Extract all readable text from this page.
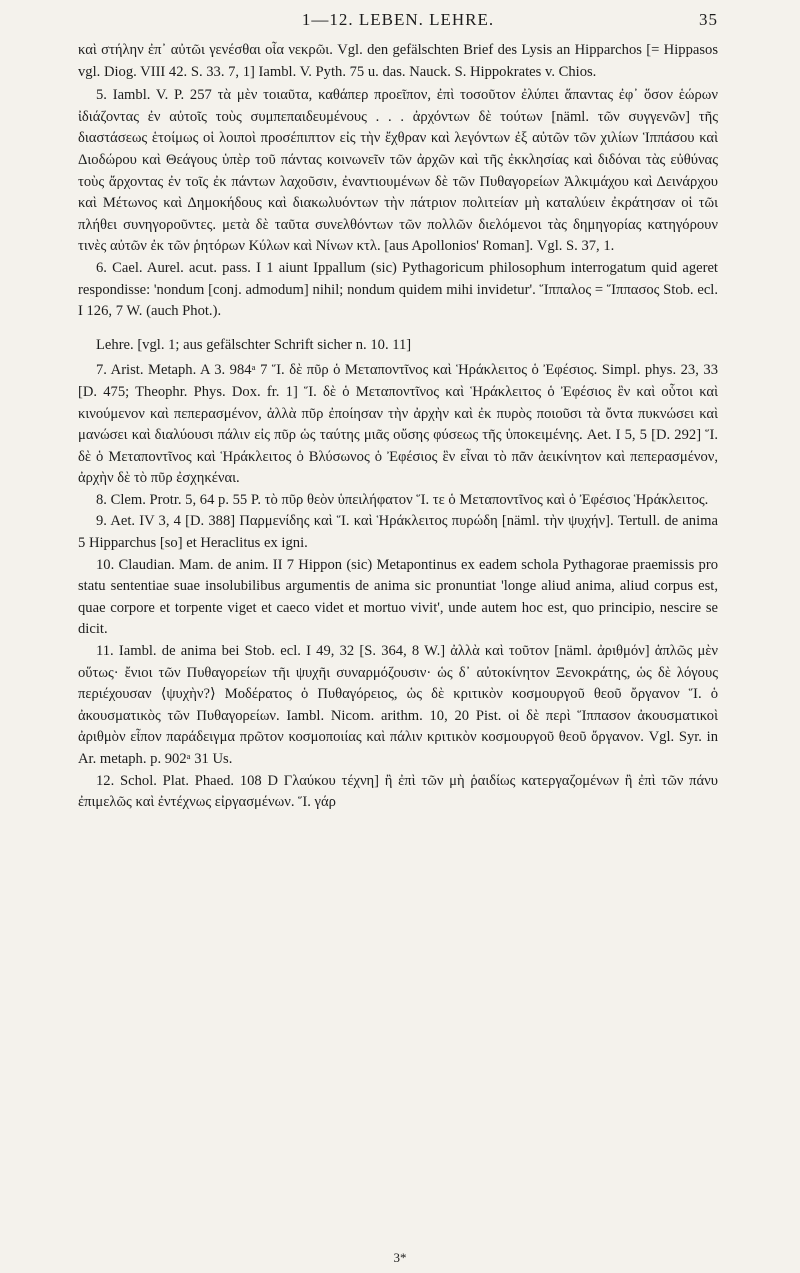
1—12. LEBEN. LEHRE.	35

καὶ στήλην ἐπ᾽ αὐτῶι γενέσθαι οἷα νεκρῶι. Vgl. den gefälschten Brief des Lysis an Hipparchos [= Hippasos vgl. Diog. VIII 42. S. 33. 7, 1] Iambl. V. Pyth. 75 u. das. Nauck. S. Hippokrates v. Chios.

5. Iambl. V. P. 257 τὰ μὲν τοιαῦτα, καθάπερ προεῖπον, ἐπὶ τοσοῦτον ἐλύπει ἅπαντας ἐφ᾽ ὅσον ἑώρων ἰδιάζοντας ἐν αὐτοῖς τοὺς συμπεπαιδευμένους . . . ἀρχόντων δὲ τούτων [näml. τῶν συγγενῶν] τῆς διαστάσεως ἑτοίμως οἱ λοιποὶ προσέπιπτον εἰς τὴν ἔχθραν καὶ λεγόντων ἐξ αὐτῶν τῶν χιλίων Ἱππάσου καὶ Διοδώρου καὶ Θεάγους ὑπὲρ τοῦ πάντας κοινωνεῖν τῶν ἀρχῶν καὶ τῆς ἐκκλησίας καὶ διδόναι τὰς εὐθύνας τοὺς ἄρχοντας ἐν τοῖς ἐκ πάντων λαχοῦσιν, ἐναντιουμένων δὲ τῶν Πυθαγορείων Ἀλκιμάχου καὶ Δεινάρχου καὶ Μέτωνος καὶ Δημοκήδους καὶ διακωλυόντων τὴν πάτριον πολιτείαν μὴ καταλύειν ἐκράτησαν οἱ τῶι πλήθει συνηγοροῦντες. μετὰ δὲ ταῦτα συνελθόντων τῶν πολλῶν διελόμενοι τὰς δημηγορίας κατηγόρουν τινὲς αὐτῶν ἐκ τῶν ῥητόρων Κύλων καὶ Νίνων κτλ. [aus Apollonios' Roman]. Vgl. S. 37, 1.

6. Cael. Aurel. acut. pass. I 1 aiunt Ippallum (sic) Pythagoricum philosophum interrogatum quid ageret respondisse: 'nondum [conj. admodum] nihil; nondum quidem mihi invidetur'. Ἵππαλος = Ἵππασος Stob. ecl. I 126, 7 W. (auch Phot.).

Lehre. [vgl. 1; aus gefälschter Schrift sicher n. 10. 11]

7. Arist. Metaph. A 3. 984ᵃ 7 Ἵ. δὲ πῦρ ὁ Μεταποντῖνος καὶ Ἡράκλειτος ὁ Ἐφέσιος. Simpl. phys. 23, 33 [D. 475; Theophr. Phys. Dox. fr. 1] Ἵ. δὲ ὁ Μεταποντῖνος καὶ Ἡράκλειτος ὁ Ἐφέσιος ἓν καὶ οὗτοι καὶ κινούμενον καὶ πεπερασμένον, ἀλλὰ πῦρ ἐποίησαν τὴν ἀρχὴν καὶ ἐκ πυρὸς ποιοῦσι τὰ ὄντα πυκνώσει καὶ μανώσει καὶ διαλύουσι πάλιν εἰς πῦρ ὡς ταύτης μιᾶς οὔσης φύσεως τῆς ὑποκειμένης. Aet. I 5, 5 [D. 292] Ἵ. δὲ ὁ Μεταποντῖνος καὶ Ἡράκλειτος ὁ Βλύσωνος ὁ Ἐφέσιος ἓν εἶναι τὸ πᾶν ἀεικίνητον καὶ πεπερασμένον, ἀρχὴν δὲ τὸ πῦρ ἐσχηκέναι.

8. Clem. Protr. 5, 64 p. 55 P. τὸ πῦρ θεὸν ὑπειλήφατον Ἵ. τε ὁ Μεταποντῖνος καὶ ὁ Ἐφέσιος Ἡράκλειτος.

9. Aet. IV 3, 4 [D. 388] Παρμενίδης καὶ Ἵ. καὶ Ἡράκλειτος πυρώδη [näml. τὴν ψυχήν]. Tertull. de anima 5 Hipparchus [so] et Heraclitus ex igni.

10. Claudian. Mam. de anim. II 7 Hippon (sic) Metapontinus ex eadem schola Pythagorae praemissis pro statu sententiae suae insolubilibus argumentis de anima sic pronuntiat 'longe aliud anima, aliud corpus est, quae corpore et torpente viget et caeco videt et mortuo vivit', unde autem hoc est, quo principio, nescire se dicit.

11. Iambl. de anima bei Stob. ecl. I 49, 32 [S. 364, 8 W.] ἀλλὰ καὶ τοῦτον [näml. ἀριθμόν] ἁπλῶς μὲν οὕτως· ἔνιοι τῶν Πυθαγορείων τῆι ψυχῆι συναρμόζουσιν· ὡς δ᾽ αὐτοκίνητον Ξενοκράτης, ὡς δὲ λόγους περιέχουσαν ⟨ψυχὴν?⟩ Μοδέρατος ὁ Πυθαγόρειος, ὡς δὲ κριτικὸν κοσμουργοῦ θεοῦ ὄργανον Ἵ. ὁ ἀκουσματικὸς τῶν Πυθαγορείων. Iambl. Nicom. arithm. 10, 20 Pist. οἱ δὲ περὶ Ἵππασον ἀκουσματικοὶ ἀριθμὸν εἶπον παράδειγμα πρῶτον κοσμοποιίας καὶ πάλιν κριτικὸν κοσμουργοῦ θεοῦ ὄργανον. Vgl. Syr. in Ar. metaph. p. 902ᵃ 31 Us.

12. Schol. Plat. Phaed. 108 D Γλαύκου τέχνη] ἢ ἐπὶ τῶν μὴ ῥαιδίως κατεργαζομένων ἢ ἐπὶ τῶν πάνυ ἐπιμελῶς καὶ ἐντέχνως εἰργασμένων. Ἵ. γάρ

3*
